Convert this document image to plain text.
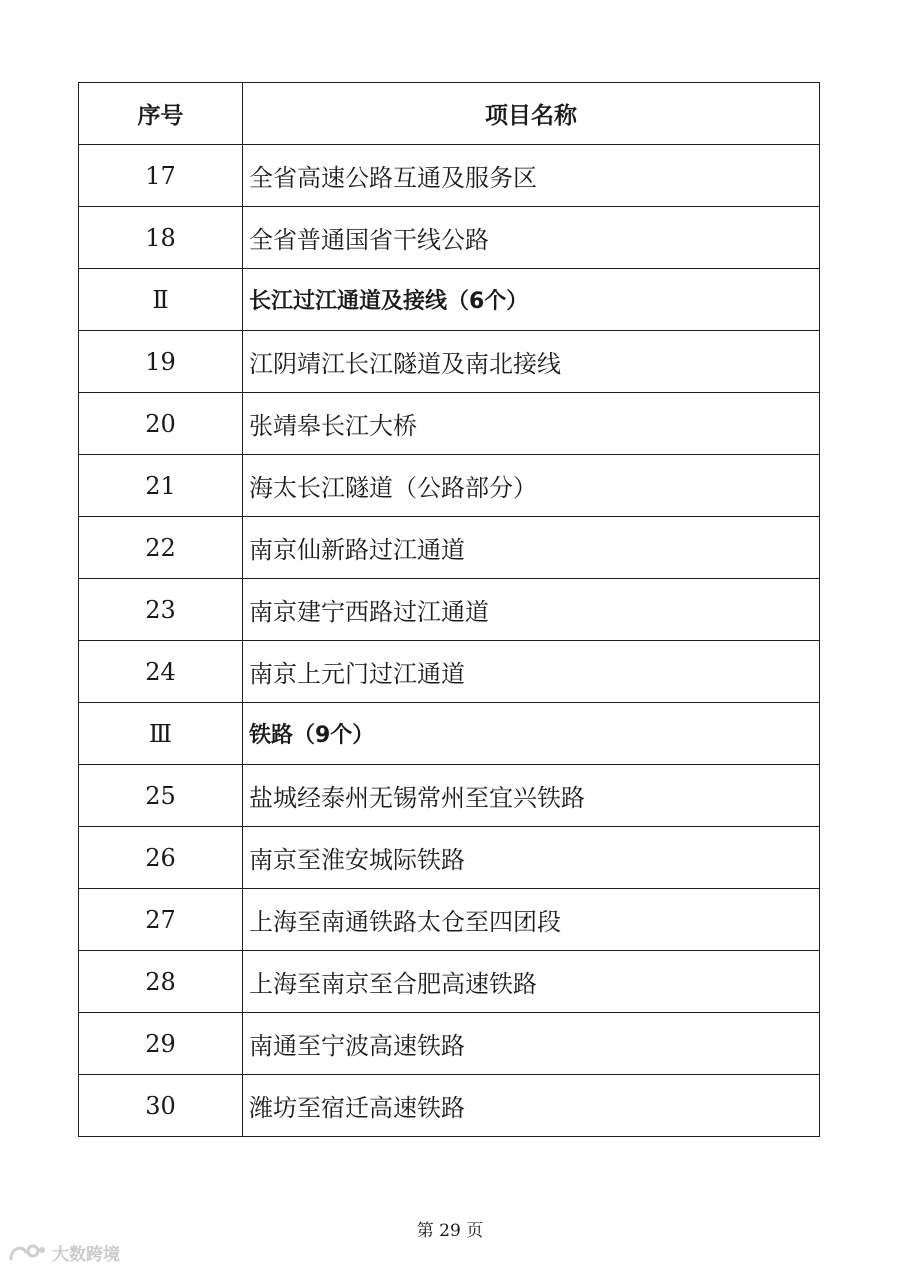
序号	项目名称
17	全省高速公路互通及服务区
18	全省普通国省干线公路
Ⅱ	长江过江通道及接线（6个）
19	江阴靖江长江隧道及南北接线
20	张靖皋长江大桥
21	海太长江隧道（公路部分）
22	南京仙新路过江通道
23	南京建宁西路过江通道
24	南京上元门过江通道
Ⅲ	铁路（9个）
25	盐城经泰州无锡常州至宜兴铁路
26	南京至淮安城际铁路
27	上海至南通铁路太仓至四团段
28	上海至南京至合肥高速铁路
29	南通至宁波高速铁路
30	潍坊至宿迁高速铁路
第 29 页
大数跨境
